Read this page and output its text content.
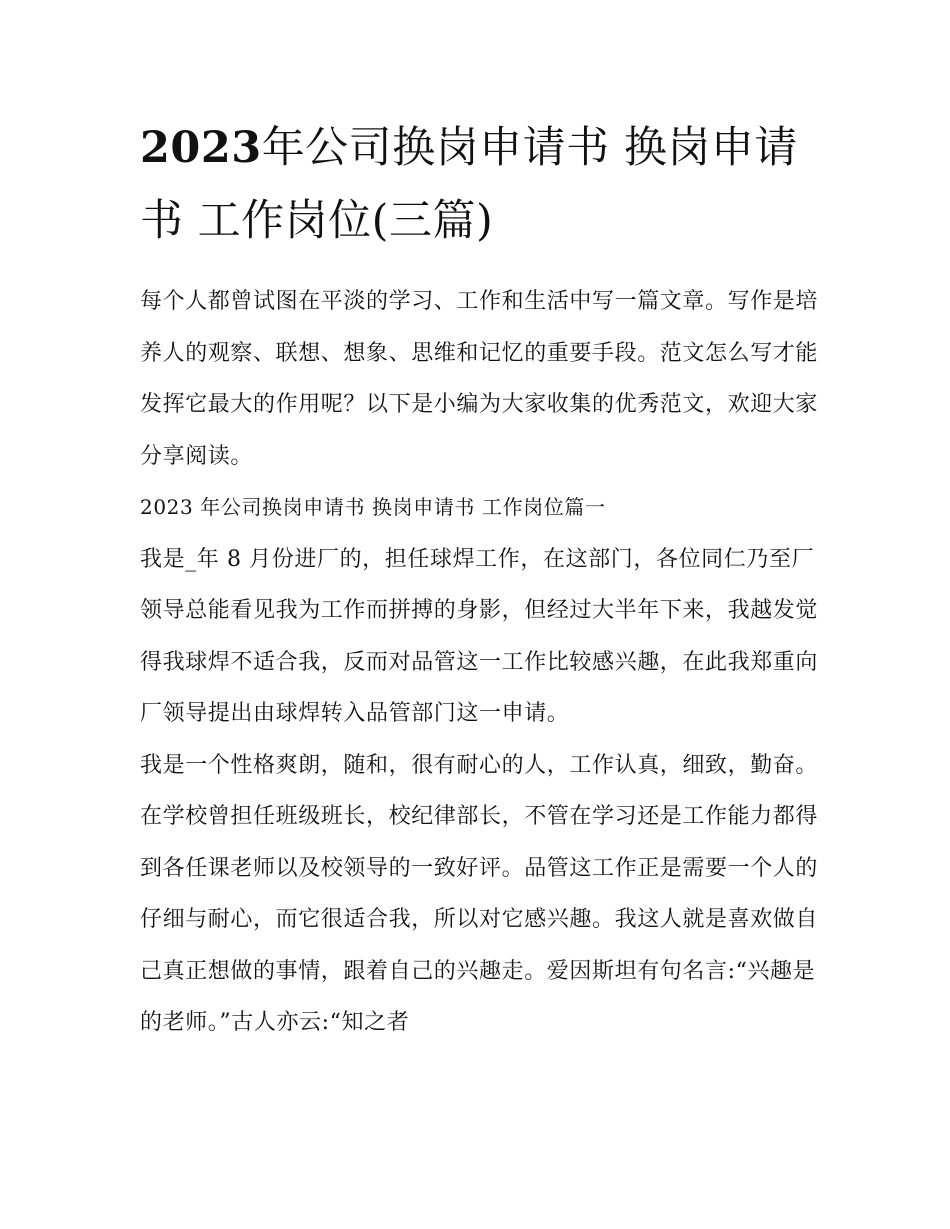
2023年公司换岗申请书 换岗申请书 工作岗位(三篇)

每个人都曾试图在平淡的学习、工作和生活中写一篇文章。写作是培养人的观察、联想、想象、思维和记忆的重要手段。范文怎么写才能发挥它最大的作用呢？以下是小编为大家收集的优秀范文，欢迎大家分享阅读。

2023 年公司换岗申请书 换岗申请书 工作岗位篇一

我是_年 8 月份进厂的，担任球焊工作，在这部门，各位同仁乃至厂领导总能看见我为工作而拼搏的身影，但经过大半年下来，我越发觉得我球焊不适合我，反而对品管这一工作比较感兴趣，在此我郑重向厂领导提出由球焊转入品管部门这一申请。

我是一个性格爽朗，随和，很有耐心的人，工作认真，细致，勤奋。在学校曾担任班级班长，校纪律部长，不管在学习还是工作能力都得到各任课老师以及校领导的一致好评。品管这工作正是需要一个人的仔细与耐心，而它很适合我，所以对它感兴趣。我这人就是喜欢做自己真正想做的事情，跟着自己的兴趣走。爱因斯坦有句名言:“兴趣是的老师。”古人亦云:“知之者
